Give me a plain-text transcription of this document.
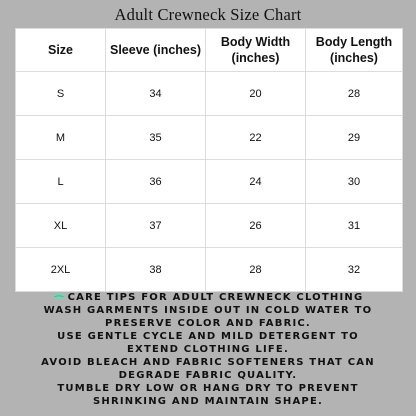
Adult Crewneck Size Chart
Size	Sleeve (inches)	Body Width (inches)	Body Length (inches)
S	34	20	28
M	35	22	29
L	36	24	30
XL	37	26	31
2XL	38	28	32
CARE TIPS FOR ADULT CREWNECK CLOTHING
WASH GARMENTS INSIDE OUT IN COLD WATER TO
PRESERVE COLOR AND FABRIC.
USE GENTLE CYCLE AND MILD DETERGENT TO
EXTEND CLOTHING LIFE.
AVOID BLEACH AND FABRIC SOFTENERS THAT CAN
DEGRADE FABRIC QUALITY.
TUMBLE DRY LOW OR HANG DRY TO PREVENT
SHRINKING AND MAINTAIN SHAPE.
